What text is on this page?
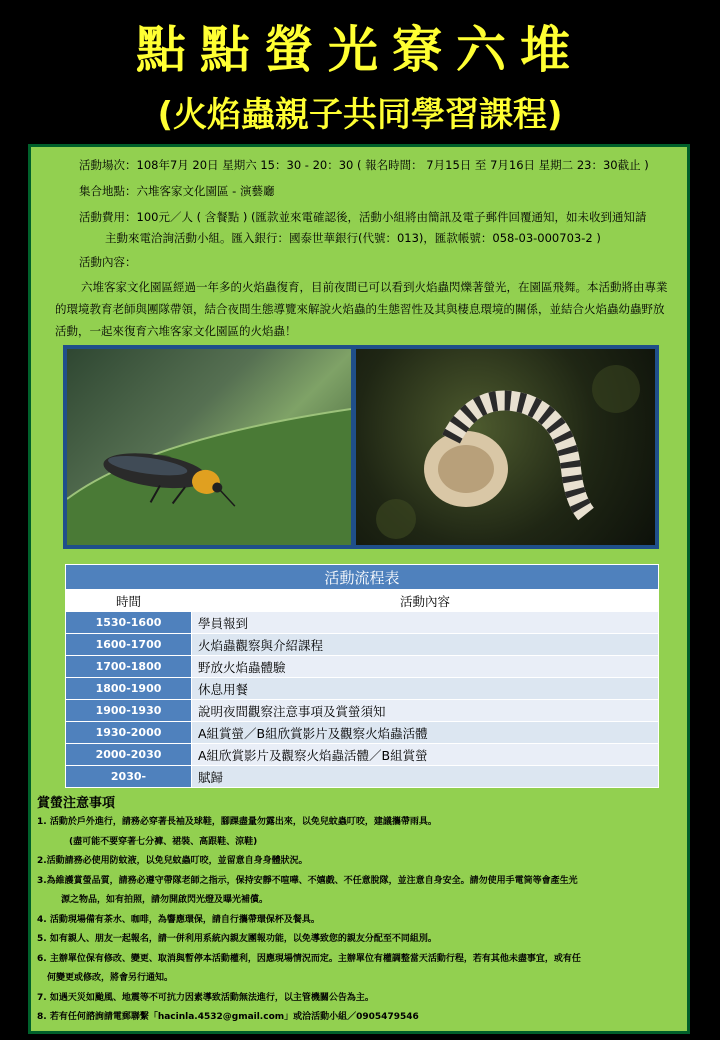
點點螢光寮六堆
(火焰蟲親子共同學習課程)

活動場次：108年7月 20日 星期六 15：30 - 20：30 ( 報名時間： 7月15日 至 7月16日 星期二 23：30截止 )

集合地點：六堆客家文化園區 - 演藝廳

活動費用：100元／人 ( 含餐點 ) (匯款並來電確認後，活動小組將由簡訊及電子郵件回覆通知，如未收到通知請

主動來電洽詢活動小組。匯入銀行：國泰世華銀行(代號：013)，匯款帳號：058-03-000703-2 )

活動內容：

六堆客家文化園區經過一年多的火焰蟲復育，目前夜間已可以看到火焰蟲閃爍著螢光，在園區飛舞。本活動將由專業的環境教育老師與團隊帶領，結合夜間生態導覽來解說火焰蟲的生態習性及其與棲息環境的關係，並結合火焰蟲幼蟲野放活動，一起來復育六堆客家文化園區的火焰蟲！

活動流程表	
時間	活動內容
1530-1600	學員報到
1600-1700	火焰蟲觀察與介紹課程
1700-1800	野放火焰蟲體驗
1800-1900	休息用餐
1900-1930	說明夜間觀察注意事項及賞螢須知
1930-2000	A組賞螢／B組欣賞影片及觀察火焰蟲活體
2000-2030	A組欣賞影片及觀察火焰蟲活體／B組賞螢
2030-	賦歸
賞螢注意事項

1. 活動於戶外進行，請務必穿著長袖及球鞋，腳踝盡量勿露出來，以免兒蚊蟲叮咬，建議攜帶雨具。

(盡可能不要穿著七分褲、裙裝、高跟鞋、涼鞋)

2.活動請務必使用防蚊液，以免兒蚊蟲叮咬，並留意自身身體狀況。

3.為維護賞螢品質，請務必遵守帶隊老師之指示，保持安靜不喧嘩、不嬉戲、不任意脫隊，並注意自身安全。請勿使用手電筒等會產生光

源之物品，如有拍照，請勿開啟閃光燈及曝光補償。

4. 活動現場備有茶水、咖啡，為響應環保，請自行攜帶環保杯及餐具。

5. 如有親人、朋友一起報名，請一併利用系統內親友團報功能，以免導致您的親友分配至不同組別。

6. 主辦單位保有修改、變更、取消與暫停本活動權利，因應現場情況而定。主辦單位有權調整當天活動行程，若有其他未盡事宜，或有任

何變更或修改，將會另行通知。

7. 如遇天災如颱風、地震等不可抗力因素導致活動無法進行，以主管機關公告為主。

8. 若有任何諮詢請電郵聯繫「hacinla.4532@gmail.com」或洽活動小組／0905479546
